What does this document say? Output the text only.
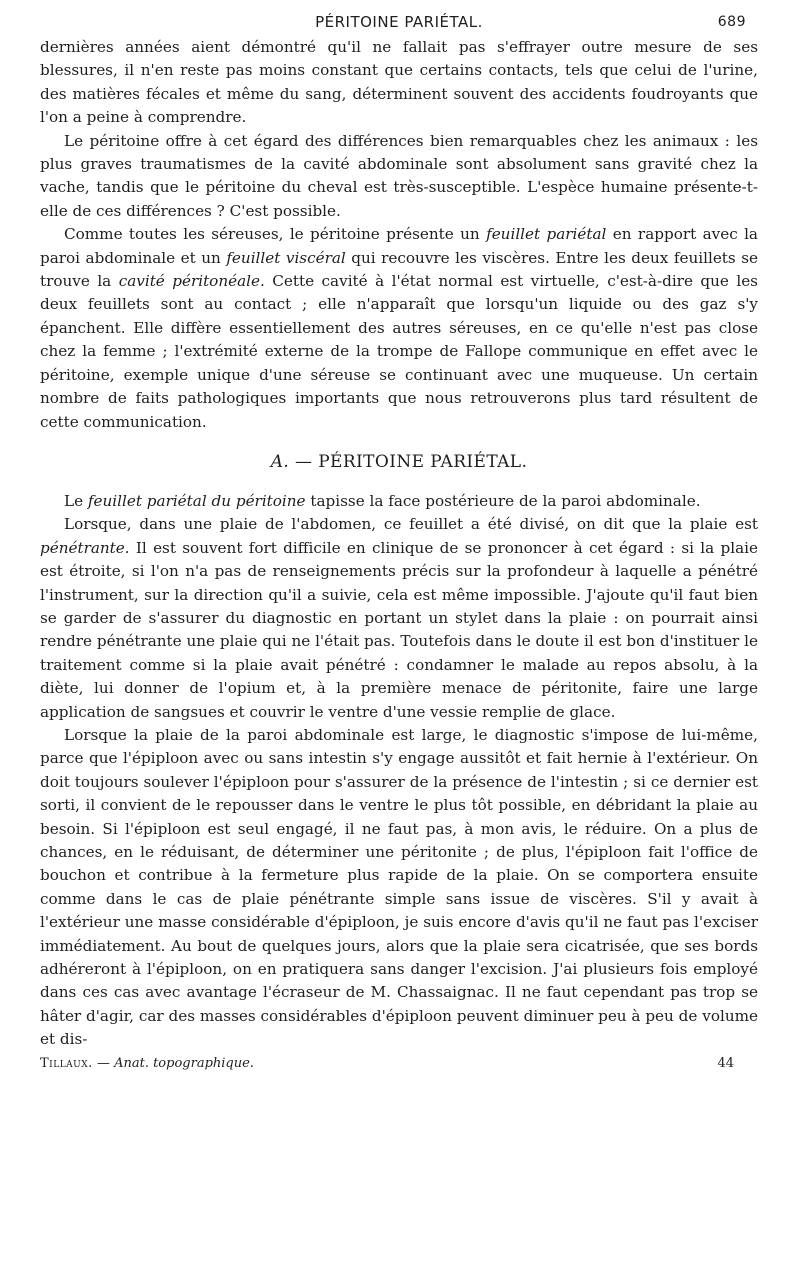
PÉRITOINE PARIÉTAL.	689

dernières années aient démontré qu'il ne fallait pas s'effrayer outre mesure de ses blessures, il n'en reste pas moins constant que certains contacts, tels que celui de l'urine, des matières fécales et même du sang, déterminent souvent des accidents foudroyants que l'on a peine à comprendre.

Le péritoine offre à cet égard des différences bien remarquables chez les animaux : les plus graves traumatismes de la cavité abdominale sont absolument sans gravité chez la vache, tandis que le péritoine du cheval est très-susceptible. L'espèce humaine présente-t-elle de ces différences ? C'est possible.

Comme toutes les séreuses, le péritoine présente un feuillet pariétal en rapport avec la paroi abdominale et un feuillet viscéral qui recouvre les viscères. Entre les deux feuillets se trouve la cavité péritonéale. Cette cavité à l'état normal est virtuelle, c'est-à-dire que les deux feuillets sont au contact ; elle n'apparaît que lorsqu'un liquide ou des gaz s'y épanchent. Elle diffère essentiellement des autres séreuses, en ce qu'elle n'est pas close chez la femme ; l'extrémité externe de la trompe de Fallope communique en effet avec le péritoine, exemple unique d'une séreuse se continuant avec une muqueuse. Un certain nombre de faits pathologiques importants que nous retrouverons plus tard résultent de cette communication.

A. — PÉRITOINE PARIÉTAL.

Le feuillet pariétal du péritoine tapisse la face postérieure de la paroi abdominale.

Lorsque, dans une plaie de l'abdomen, ce feuillet a été divisé, on dit que la plaie est pénétrante. Il est souvent fort difficile en clinique de se prononcer à cet égard : si la plaie est étroite, si l'on n'a pas de renseignements précis sur la profondeur à laquelle a pénétré l'instrument, sur la direction qu'il a suivie, cela est même impossible. J'ajoute qu'il faut bien se garder de s'assurer du diagnostic en portant un stylet dans la plaie : on pourrait ainsi rendre pénétrante une plaie qui ne l'était pas. Toutefois dans le doute il est bon d'instituer le traitement comme si la plaie avait pénétré : condamner le malade au repos absolu, à la diète, lui donner de l'opium et, à la première menace de péritonite, faire une large application de sangsues et couvrir le ventre d'une vessie remplie de glace.

Lorsque la plaie de la paroi abdominale est large, le diagnostic s'impose de lui-même, parce que l'épiploon avec ou sans intestin s'y engage aussitôt et fait hernie à l'extérieur. On doit toujours soulever l'épiploon pour s'assurer de la présence de l'intestin ; si ce dernier est sorti, il convient de le repousser dans le ventre le plus tôt possible, en débridant la plaie au besoin. Si l'épiploon est seul engagé, il ne faut pas, à mon avis, le réduire. On a plus de chances, en le réduisant, de déterminer une péritonite ; de plus, l'épiploon fait l'office de bouchon et contribue à la fermeture plus rapide de la plaie. On se comportera ensuite comme dans le cas de plaie pénétrante simple sans issue de viscères. S'il y avait à l'extérieur une masse considérable d'épiploon, je suis encore d'avis qu'il ne faut pas l'exciser immédiatement. Au bout de quelques jours, alors que la plaie sera cicatrisée, que ses bords adhéreront à l'épiploon, on en pratiquera sans danger l'excision. J'ai plusieurs fois employé dans ces cas avec avantage l'écraseur de M. Chassaignac. Il ne faut cependant pas trop se hâter d'agir, car des masses considérables d'épiploon peuvent diminuer peu à peu de volume et dis-

Tillaux. — Anat. topographique.	44
